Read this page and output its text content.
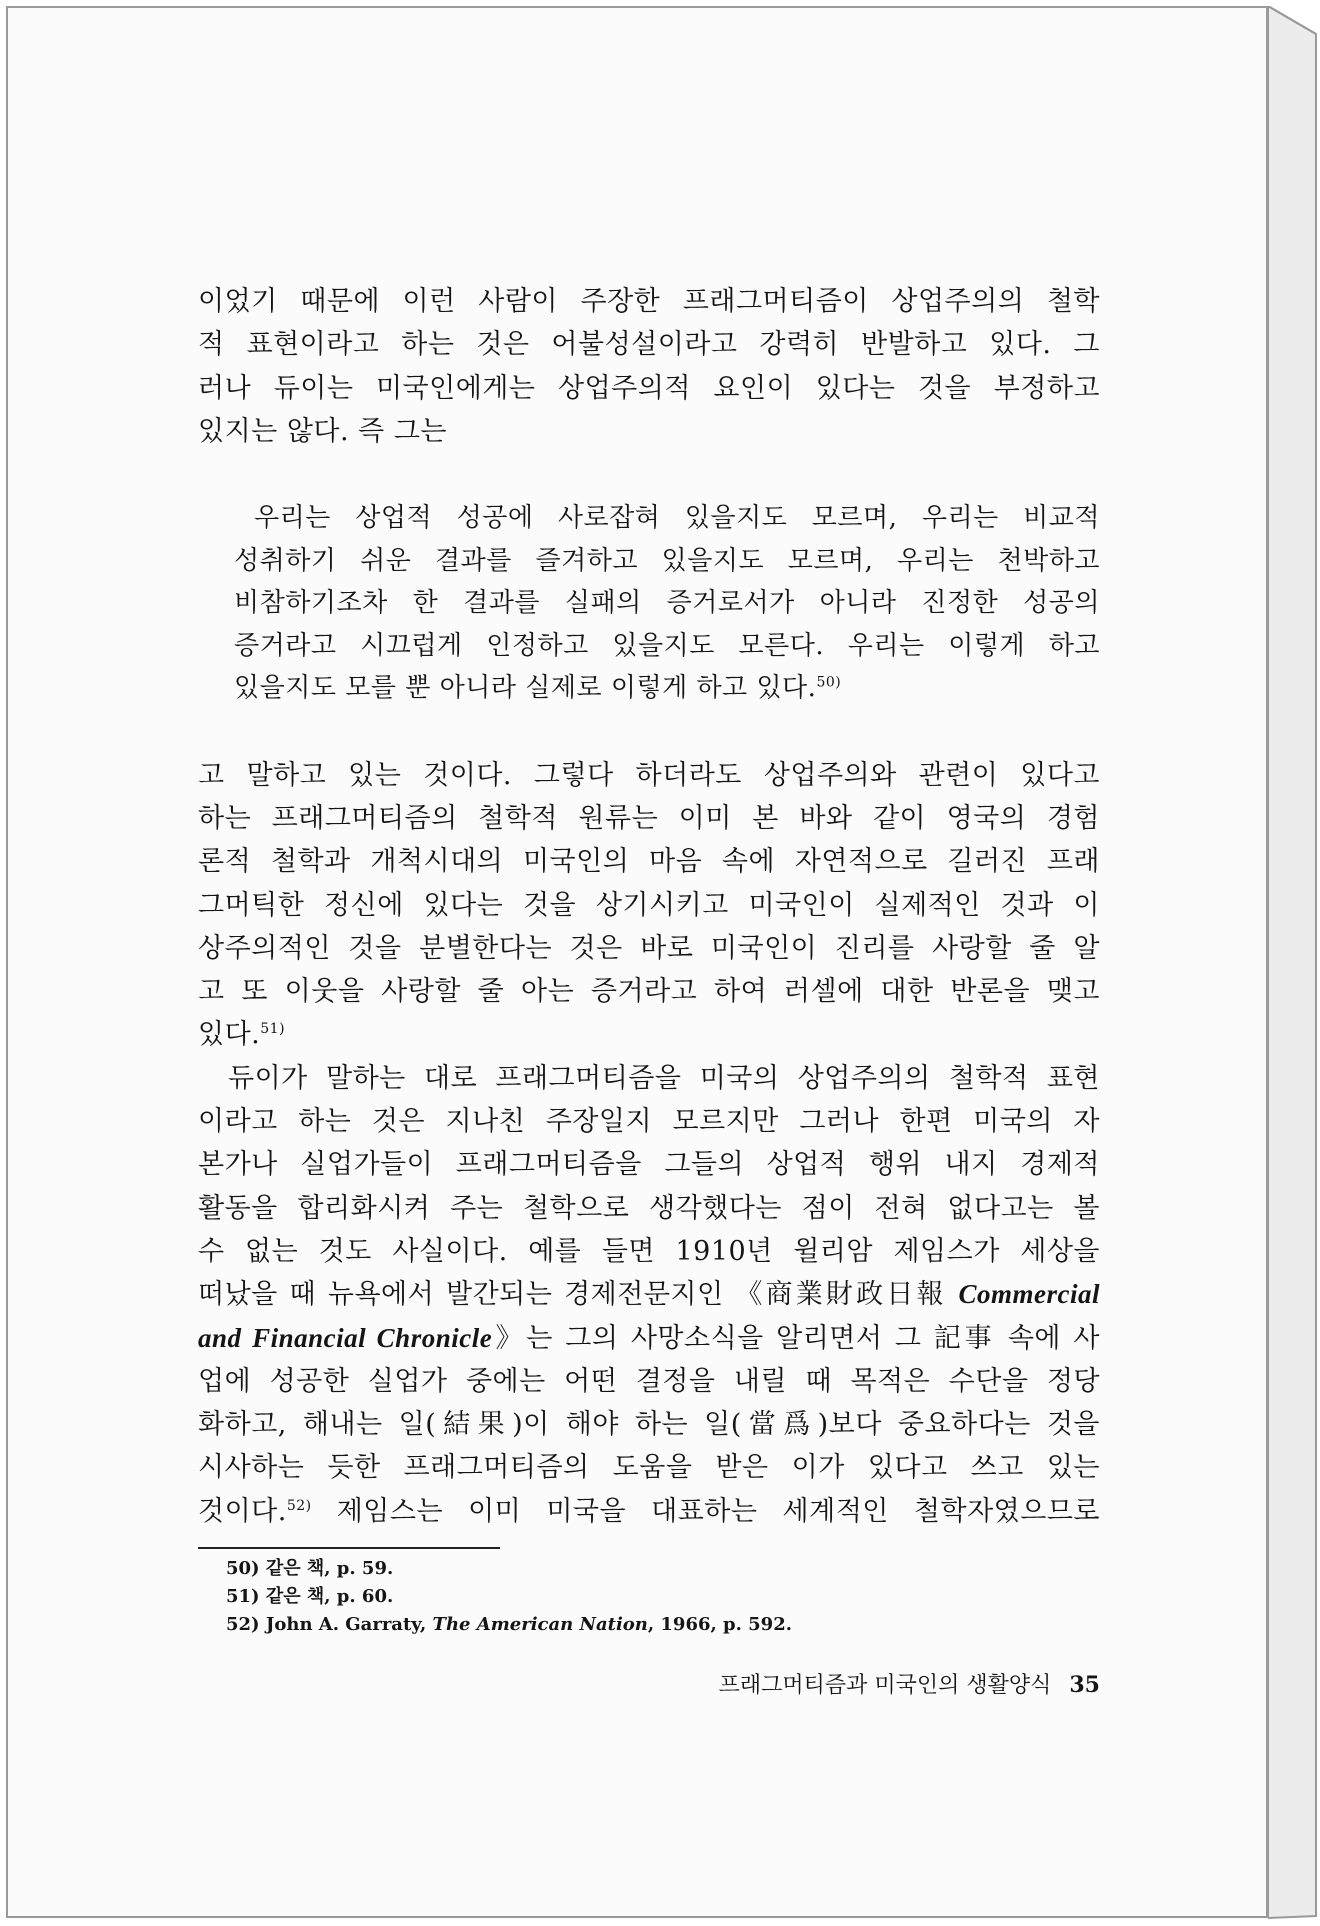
이었기 때문에 이런 사람이 주장한 프래그머티즘이 상업주의의 철학
적 표현이라고 하는 것은 어불성설이라고 강력히 반발하고 있다. 그
러나 듀이는 미국인에게는 상업주의적 요인이 있다는 것을 부정하고
있지는 않다. 즉 그는
우리는 상업적 성공에 사로잡혀 있을지도 모르며, 우리는 비교적
성취하기 쉬운 결과를 즐겨하고 있을지도 모르며, 우리는 천박하고
비참하기조차 한 결과를 실패의 증거로서가 아니라 진정한 성공의
증거라고 시끄럽게 인정하고 있을지도 모른다. 우리는 이렇게 하고
있을지도 모를 뿐 아니라 실제로 이렇게 하고 있다.$^{50)}$
고 말하고 있는 것이다. 그렇다 하더라도 상업주의와 관련이 있다고
하는 프래그머티즘의 철학적 원류는 이미 본 바와 같이 영국의 경험
론적 철학과 개척시대의 미국인의 마음 속에 자연적으로 길러진 프래
그머틱한 정신에 있다는 것을 상기시키고 미국인이 실제적인 것과 이
상주의적인 것을 분별한다는 것은 바로 미국인이 진리를 사랑할 줄 알
고 또 이웃을 사랑할 줄 아는 증거라고 하여 러셀에 대한 반론을 맺고
있다.$^{51)}$
듀이가 말하는 대로 프래그머티즘을 미국의 상업주의의 철학적 표현
이라고 하는 것은 지나친 주장일지 모르지만 그러나 한편 미국의 자
본가나 실업가들이 프래그머티즘을 그들의 상업적 행위 내지 경제적
활동을 합리화시켜 주는 철학으로 생각했다는 점이 전혀 없다고는 볼
수 없는 것도 사실이다. 예를 들면 1910년 윌리암 제임스가 세상을
떠났을 때 뉴욕에서 발간되는 경제전문지인 《商業財政日報 Commercial
and Financial Chronicle》는 그의 사망소식을 알리면서 그 記事 속에 사
업에 성공한 실업가 중에는 어떤 결정을 내릴 때 목적은 수단을 정당
화하고, 해내는 일(結果)이 해야 하는 일(當爲)보다 중요하다는 것을
시사하는 듯한 프래그머티즘의 도움을 받은 이가 있다고 쓰고 있는
것이다.$^{52)}$ 제임스는 이미 미국을 대표하는 세계적인 철학자였으므로
50) 같은 책, p. 59.
51) 같은 책, p. 60.
52) John A. Garraty, The American Nation, 1966, p. 592.
프래그머티즘과 미국인의 생활양식 35
